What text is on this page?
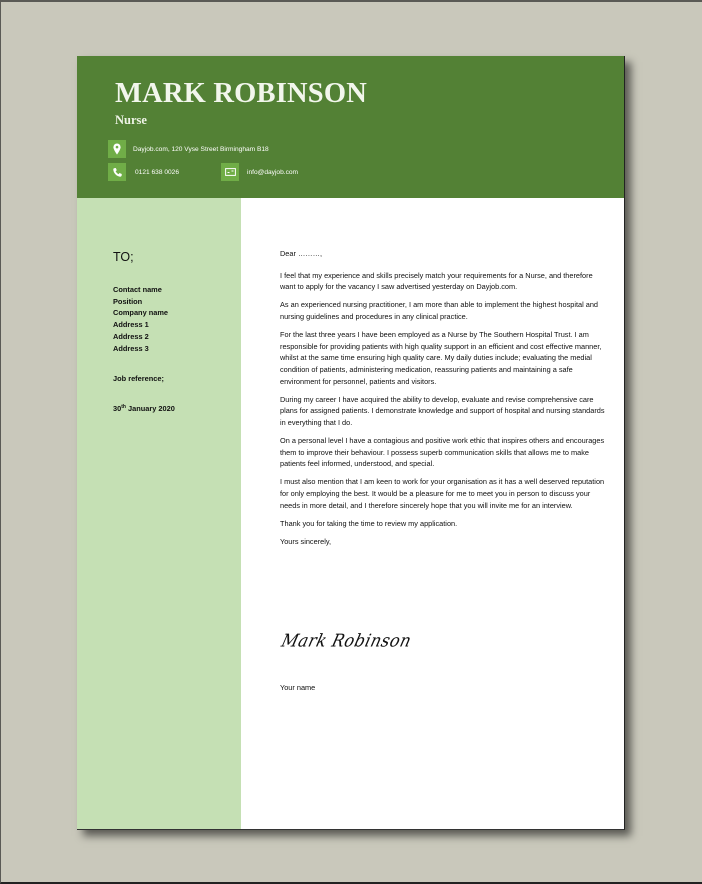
MARK ROBINSON
Nurse
Dayjob.com, 120 Vyse Street Birmingham B18
0121 638 0026	info@dayjob.com
TO;
Contact name
Position
Company name
Address 1
Address 2
Address 3
Job reference;
30th January 2020

Dear ………,

I feel that my experience and skills precisely match your requirements for a Nurse, and therefore want to apply for the vacancy I saw advertised yesterday on Dayjob.com.

As an experienced nursing practitioner, I am more than able to implement the highest hospital and nursing guidelines and procedures in any clinical practice.

For the last three years I have been employed as a Nurse by The Southern Hospital Trust. I am responsible for providing patients with high quality support in an efficient and cost effective manner, whilst at the same time ensuring high quality care. My daily duties include; evaluating the medial condition of patients, administering medication, reassuring patients and maintaining a safe environment for personnel, patients and visitors.

During my career I have acquired the ability to develop, evaluate and revise comprehensive care plans for assigned patients. I demonstrate knowledge and support of hospital and nursing standards in everything that I do.

On a personal level I have a contagious and positive work ethic that inspires others and encourages them to improve their behaviour. I possess superb communication skills that allows me to make patients feel informed, understood, and special.

I must also mention that I am keen to work for your organisation as it has a well deserved reputation for only employing the best. It would be a pleasure for me to meet you in person to discuss your needs in more detail, and I therefore sincerely hope that you will invite me for an interview.

Thank you for taking the time to review my application.

Yours sincerely,

Mark Robinson
Your name
